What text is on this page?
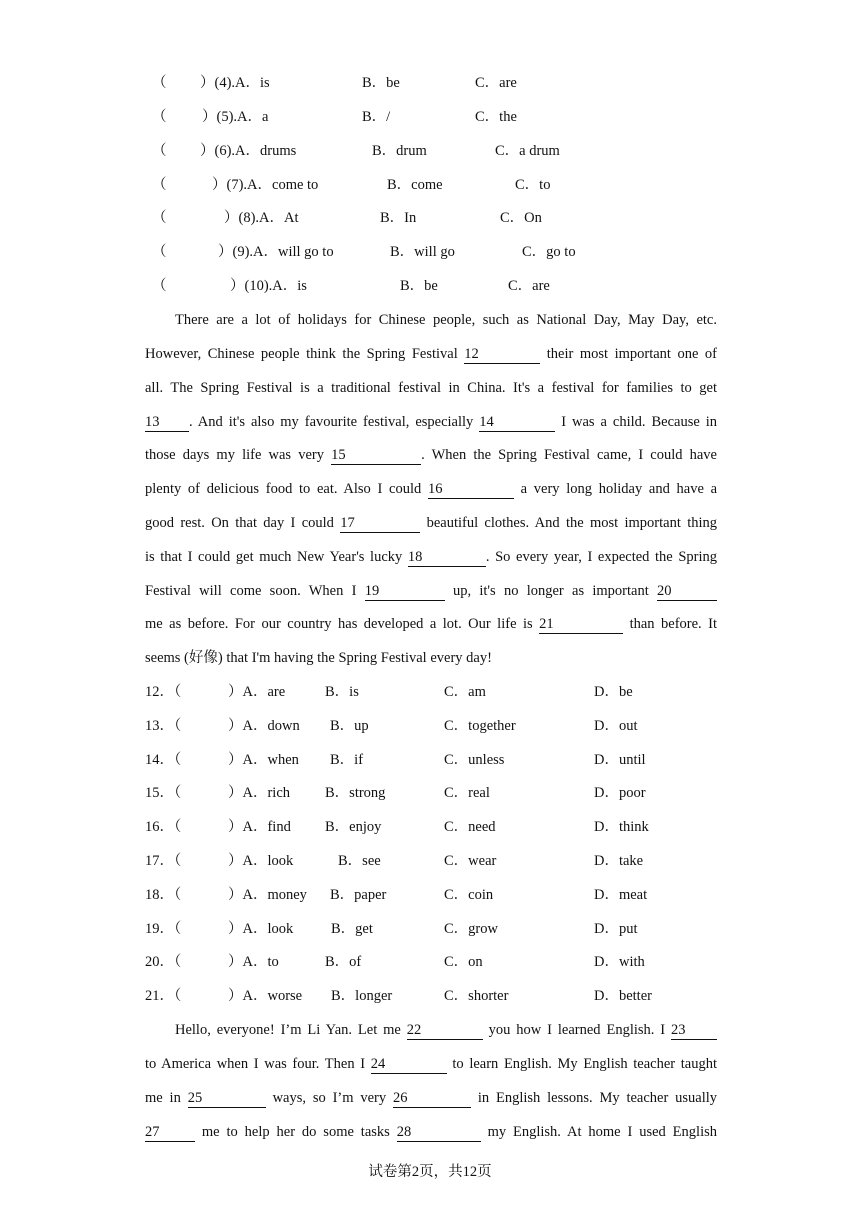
（ ）(4).A．is	B．be	C．are
（ ）(5).A．a	B．/	C．the
（ ）(6).A．drums	B．drum	C．a drum
（	）(7).A．come to	B．come	C．to
（	）(8).A．At	B．In	C．On
（	）(9).A．will go to	B．will go	C．go to
（	）(10).A．is	B．be	C．are
There are a lot of holidays for Chinese people, such as National Day, May Day, etc.
However, Chinese people think the Spring Festival 12	their most important one of
all. The Spring Festival is a traditional festival in China. It's a festival for families to get
13 . And it's also my favourite festival, especially 14	I was a child. Because in
those days my life was very 15	. When the Spring Festival came, I could have
plenty of delicious food to eat. Also I could 16	a very long holiday and have a
good rest. On that day I could 17	beautiful clothes. And the most important thing
is that I could get much New Year's lucky 18	. So every year, I expected the Spring
Festival will come soon. When I 19	up, it's no longer as important 20
me as before. For our country has developed a lot. Our life is 21	than before. It
seems (好像) that I'm having the Spring Festival every day!
12．（	）A．are	B．is	C．am	D．be
13．（	）A．down B．up	C．together	D．out
14．（	）A．when B．if	C．unless	D．until
15．（	）A．rich B．strong	C．real	D．poor
16．（	）A．find B．enjoy	C．need	D．think
17．（	）A．look	B．see	C．wear	D．take
18．（	）A．money B．paper	C．coin	D．meat
19．（	）A．look	B．get	C．grow	D．put
20．（	）A．to	B．of	C．on	D．with
21．（	）A．worse B．longer	C．shorter	D．better
Hello, everyone! I’m Li Yan. Let me 22	you how I learned English. I 23
to America when I was four. Then I 24	to learn English. My English teacher taught
me in 25	ways, so I’m very 26	in English lessons. My teacher usually
27	me to help her do some tasks 28	my English. At home I used English
试卷第2页，共12页
